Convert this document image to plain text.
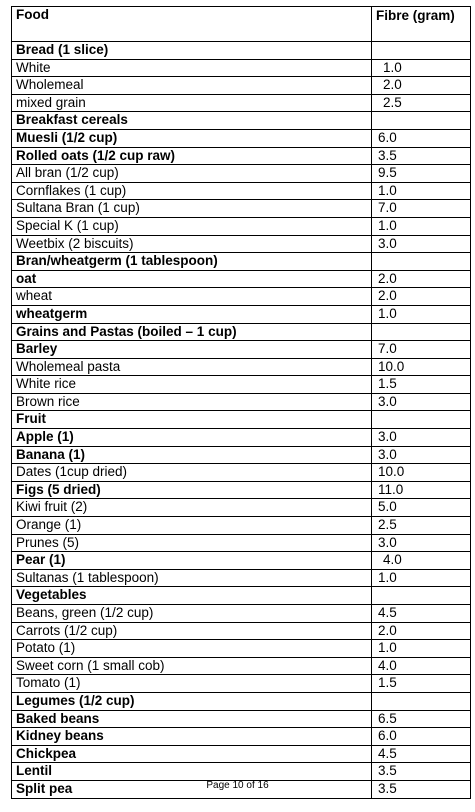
Food	Fibre (gram)
Bread (1 slice)	
White	1.0
Wholemeal	2.0
mixed grain	2.5
Breakfast cereals	
Muesli (1/2 cup)	6.0
Rolled oats (1/2 cup raw)	3.5
All bran (1/2 cup)	9.5
Cornflakes (1 cup)	1.0
Sultana Bran (1 cup)	7.0
Special K (1 cup)	1.0
Weetbix (2 biscuits)	3.0
Bran/wheatgerm (1 tablespoon)	
oat	2.0
wheat	2.0
wheatgerm	1.0
Grains and Pastas (boiled – 1 cup)	
Barley	7.0
Wholemeal pasta	10.0
White rice	1.5
Brown rice	3.0
Fruit	
Apple (1)	3.0
Banana (1)	3.0
Dates (1cup dried)	10.0
Figs (5 dried)	11.0
Kiwi fruit (2)	5.0
Orange (1)	2.5
Prunes (5)	3.0
Pear (1)	4.0
Sultanas (1 tablespoon)	1.0
Vegetables	
Beans, green (1/2 cup)	4.5
Carrots (1/2 cup)	2.0
Potato (1)	1.0
Sweet corn (1 small cob)	4.0
Tomato (1)	1.5
Legumes (1/2 cup)	
Baked beans	6.5
Kidney beans	6.0
Chickpea	4.5
Lentil	3.5
Split pea	3.5
Page 10 of 16
